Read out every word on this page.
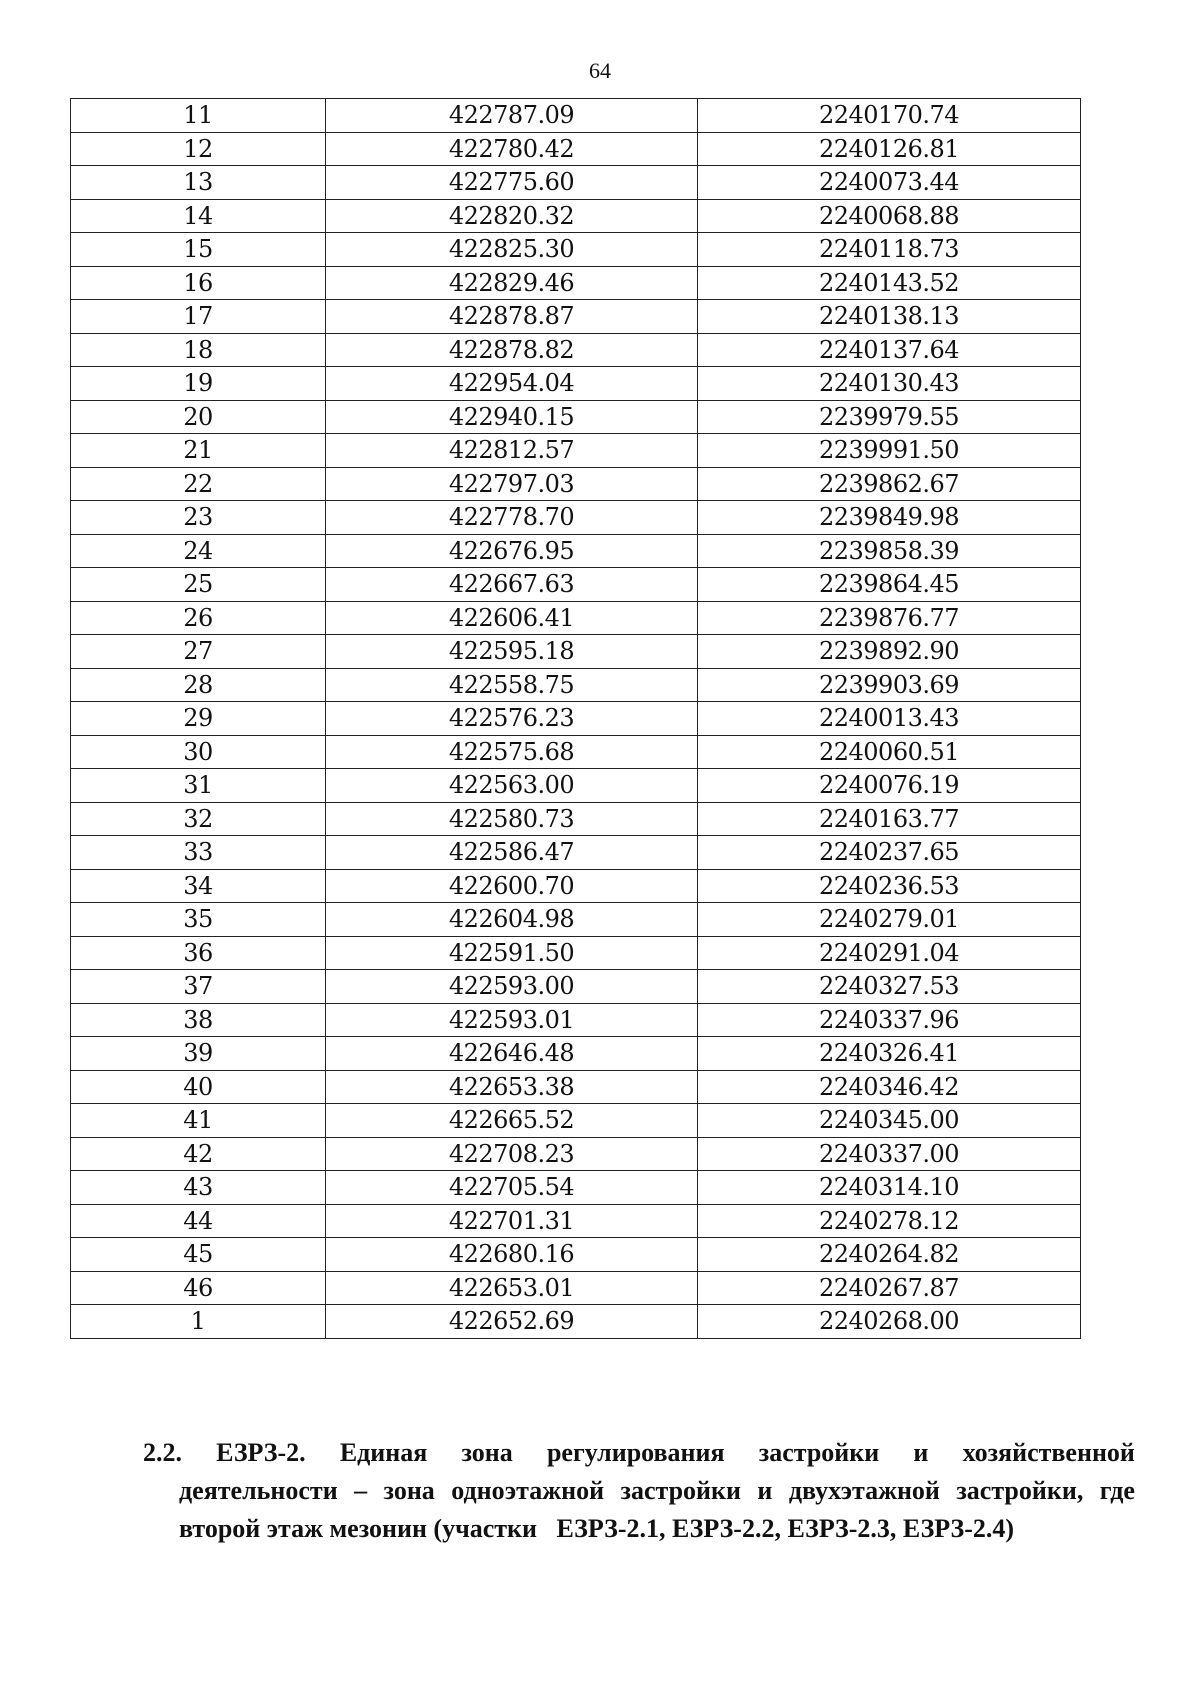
64
11	422787.09	2240170.74
12	422780.42	2240126.81
13	422775.60	2240073.44
14	422820.32	2240068.88
15	422825.30	2240118.73
16	422829.46	2240143.52
17	422878.87	2240138.13
18	422878.82	2240137.64
19	422954.04	2240130.43
20	422940.15	2239979.55
21	422812.57	2239991.50
22	422797.03	2239862.67
23	422778.70	2239849.98
24	422676.95	2239858.39
25	422667.63	2239864.45
26	422606.41	2239876.77
27	422595.18	2239892.90
28	422558.75	2239903.69
29	422576.23	2240013.43
30	422575.68	2240060.51
31	422563.00	2240076.19
32	422580.73	2240163.77
33	422586.47	2240237.65
34	422600.70	2240236.53
35	422604.98	2240279.01
36	422591.50	2240291.04
37	422593.00	2240327.53
38	422593.01	2240337.96
39	422646.48	2240326.41
40	422653.38	2240346.42
41	422665.52	2240345.00
42	422708.23	2240337.00
43	422705.54	2240314.10
44	422701.31	2240278.12
45	422680.16	2240264.82
46	422653.01	2240267.87
1	422652.69	2240268.00
2.2. ЕЗРЗ-2. Единая зона регулирования застройки и хозяйственной
деятельности – зона одноэтажной застройки и двухэтажной застройки, где
второй этаж мезонин (участки   ЕЗРЗ-2.1, ЕЗРЗ-2.2, ЕЗРЗ-2.3, ЕЗРЗ-2.4)
